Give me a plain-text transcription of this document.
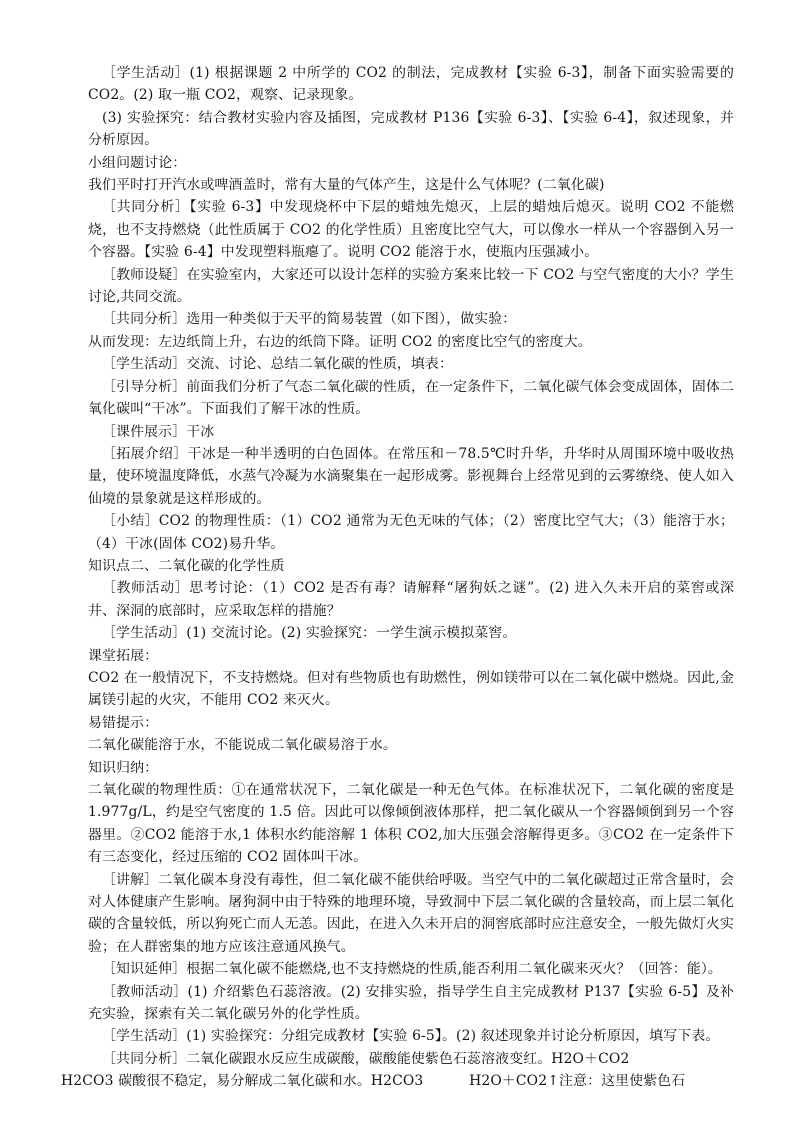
［学生活动］(1) 根据课题 2 中所学的 CO2 的制法，完成教材【实验 6-3】，制备下面实验需要的 CO2。(2) 取一瓶 CO2，观察、记录现象。

(3) 实验探究：结合教材实验内容及插图，完成教材 P136【实验 6-3】、【实验 6-4】，叙述现象，并分析原因。

小组问题讨论：

我们平时打开汽水或啤酒盖时，常有大量的气体产生，这是什么气体呢？(二氧化碳)

［共同分析］【实验 6-3】中发现烧杯中下层的蜡烛先熄灭，上层的蜡烛后熄灭。说明 CO2 不能燃烧，也不支持燃烧（此性质属于 CO2 的化学性质）且密度比空气大，可以像水一样从一个容器倒入另一个容器。【实验 6-4】中发现塑料瓶瘪了。说明 CO2 能溶于水，使瓶内压强减小。

［教师设疑］在实验室内，大家还可以设计怎样的实验方案来比较一下 CO2 与空气密度的大小？学生讨论,共同交流。

［共同分析］选用一种类似于天平的简易装置（如下图），做实验：

从而发现：左边纸筒上升，右边的纸筒下降。证明 CO2 的密度比空气的密度大。

［学生活动］交流、讨论、总结二氧化碳的性质，填表：

［引导分析］前面我们分析了气态二氧化碳的性质，在一定条件下，二氧化碳气体会变成固体，固体二氧化碳叫“干冰”。下面我们了解干冰的性质。

［课件展示］干冰

［拓展介绍］干冰是一种半透明的白色固体。在常压和－78.5℃时升华，升华时从周围环境中吸收热量，使环境温度降低，水蒸气冷凝为水滴聚集在一起形成雾。影视舞台上经常见到的云雾缭绕、使人如入仙境的景象就是这样形成的。

［小结］CO2 的物理性质：（1）CO2 通常为无色无味的气体；（2）密度比空气大；（3）能溶于水；（4）干冰(固体 CO2)易升华。

知识点二、二氧化碳的化学性质

［教师活动］思考讨论：（1）CO2 是否有毒？请解释“屠狗妖之谜”。(2) 进入久未开启的菜窖或深井、深洞的底部时，应采取怎样的措施？

［学生活动］(1) 交流讨论。(2) 实验探究：一学生演示模拟菜窖。

课堂拓展：

CO2 在一般情况下，不支持燃烧。但对有些物质也有助燃性，例如镁带可以在二氧化碳中燃烧。因此,金属镁引起的火灾，不能用 CO2 来灭火。

易错提示：

二氧化碳能溶于水，不能说成二氧化碳易溶于水。

知识归纳：

二氧化碳的物理性质：①在通常状况下，二氧化碳是一种无色气体。在标准状况下，二氧化碳的密度是 1.977g/L，约是空气密度的 1.5 倍。因此可以像倾倒液体那样，把二氧化碳从一个容器倾倒到另一个容器里。②CO2 能溶于水,1 体积水约能溶解 1 体积 CO2,加大压强会溶解得更多。③CO2 在一定条件下有三态变化，经过压缩的 CO2 固体叫干冰。

［讲解］二氧化碳本身没有毒性，但二氧化碳不能供给呼吸。当空气中的二氧化碳超过正常含量时，会对人体健康产生影响。屠狗洞中由于特殊的地理环境，导致洞中下层二氧化碳的含量较高，而上层二氧化碳的含量较低，所以狗死亡而人无恙。因此，在进入久未开启的洞窖底部时应注意安全，一般先做灯火实验；在人群密集的地方应该注意通风换气。

［知识延伸］根据二氧化碳不能燃烧,也不支持燃烧的性质,能否利用二氧化碳来灭火？（回答：能）。

［教师活动］(1) 介绍紫色石蕊溶液。(2) 安排实验，指导学生自主完成教材 P137【实验 6-5】及补充实验，探索有关二氧化碳另外的化学性质。

［学生活动］(1) 实验探究：分组完成教材【实验 6-5】。(2) 叙述现象并讨论分析原因，填写下表。

［共同分析］二氧化碳跟水反应生成碳酸，碳酸能使紫色石蕊溶液变红。H2O＋CO2

H2CO3 碳酸很不稳定，易分解成二氧化碳和水。H2CO3          H2O＋CO2↑注意：这里使紫色石
